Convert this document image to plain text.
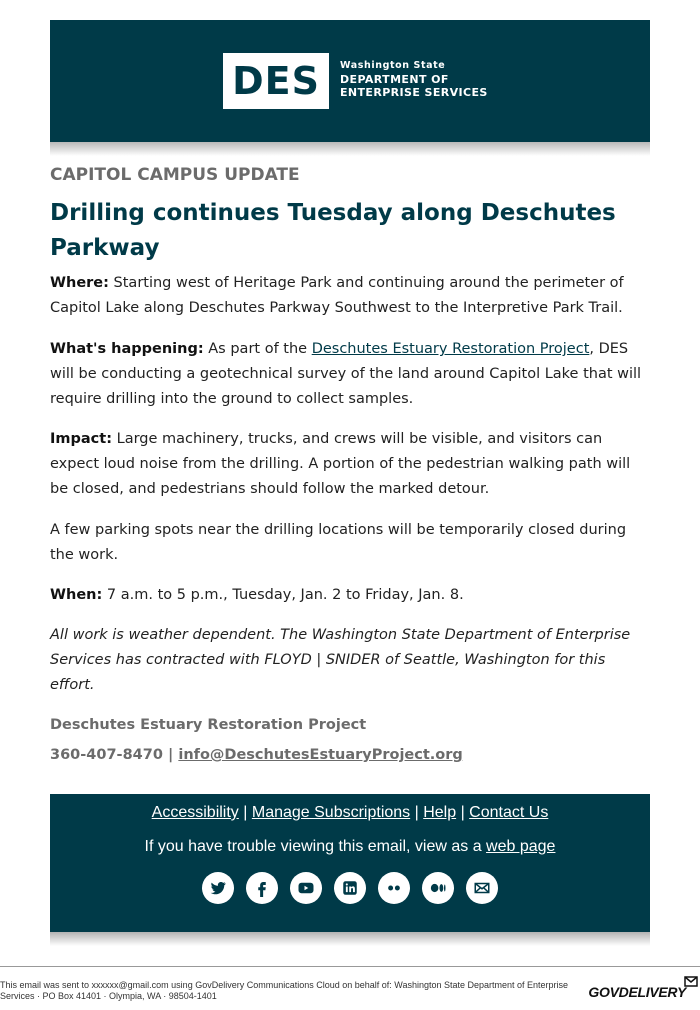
DES Washington State
DEPARTMENT OF
ENTERPRISE SERVICES
CAPITOL CAMPUS UPDATE
Drilling continues Tuesday along Deschutes Parkway
Where: Starting west of Heritage Park and continuing around the perimeter of Capitol Lake along Deschutes Parkway Southwest to the Interpretive Park Trail.
What's happening: As part of the Deschutes Estuary Restoration Project, DES will be conducting a geotechnical survey of the land around Capitol Lake that will require drilling into the ground to collect samples.
Impact: Large machinery, trucks, and crews will be visible, and visitors can expect loud noise from the drilling. A portion of the pedestrian walking path will be closed, and pedestrians should follow the marked detour.
A few parking spots near the drilling locations will be temporarily closed during the work.
When: 7 a.m. to 5 p.m., Tuesday, Jan. 2 to Friday, Jan. 8.
All work is weather dependent. The Washington State Department of Enterprise Services has contracted with FLOYD | SNIDER of Seattle, Washington for this effort.
Deschutes Estuary Restoration Project
360-407-8470 | info@DeschutesEstuaryProject.org
Accessibility | Manage Subscriptions | Help | Contact Us
If you have trouble viewing this email, view as a web page
This email was sent to xxxxxx@gmail.com using GovDelivery Communications Cloud on behalf of: Washington State Department of Enterprise Services · PO Box 41401 · Olympia, WA · 98504-1401	GOVDELIVERY
